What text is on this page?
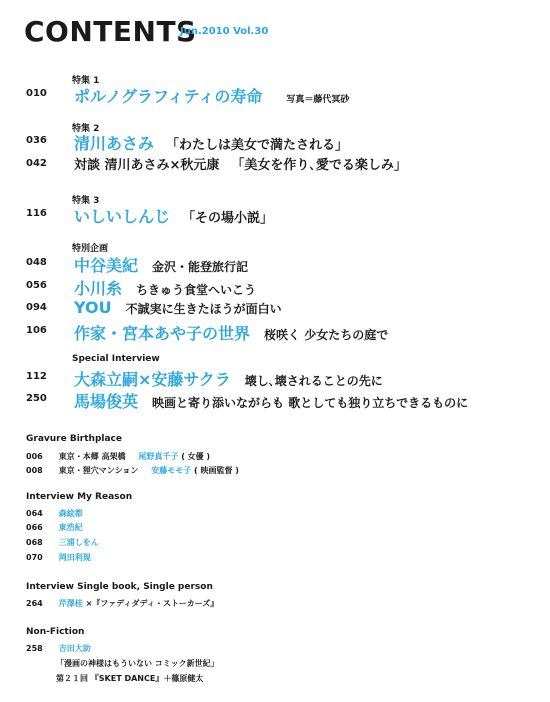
CONTENTS
Jun.2010 Vol.30
特集 1
010 ポルノグラフィティの寿命	写真＝藤代冥砂
特集 2
036 清川あさみ 「わたしは美女で満たされる」
042 対談 清川あさみ×秋元康 「美女を作り､愛でる楽しみ」
特集 3
116 いしいしんじ 「その場小説」
特別企画
048 中谷美紀 金沢・能登旅行記
056 小川糸 ちきゅう食堂へいこう
094 YOU 不誠実に生きたほうが面白い
106 作家・宮本あや子の世界 桜咲く 少女たちの庭で
Special Interview
112 大森立嗣×安藤サクラ 壊し､壊されることの先に
250 馬場俊英 映画と寄り添いながらも 歌としても独り立ちできるものに
Gravure Birthplace
006 東京・本郷 高架橋 尾野真千子 ( 女優 )
008 東京・狸穴マンション 安藤モモ子 ( 映画監督 )
Interview My Reason
064 森絵都
066 東浩紀
068 三浦しをん
070 岡田利規
Interview Single book, Single person
264 芹澤桂 ×『ファディダディ・ストーカーズ』
Non-Fiction
258 吉田大助
「漫画の神様はもういない コミック新世紀」
第２１回 『SKET DANCE』＋篠原健太
